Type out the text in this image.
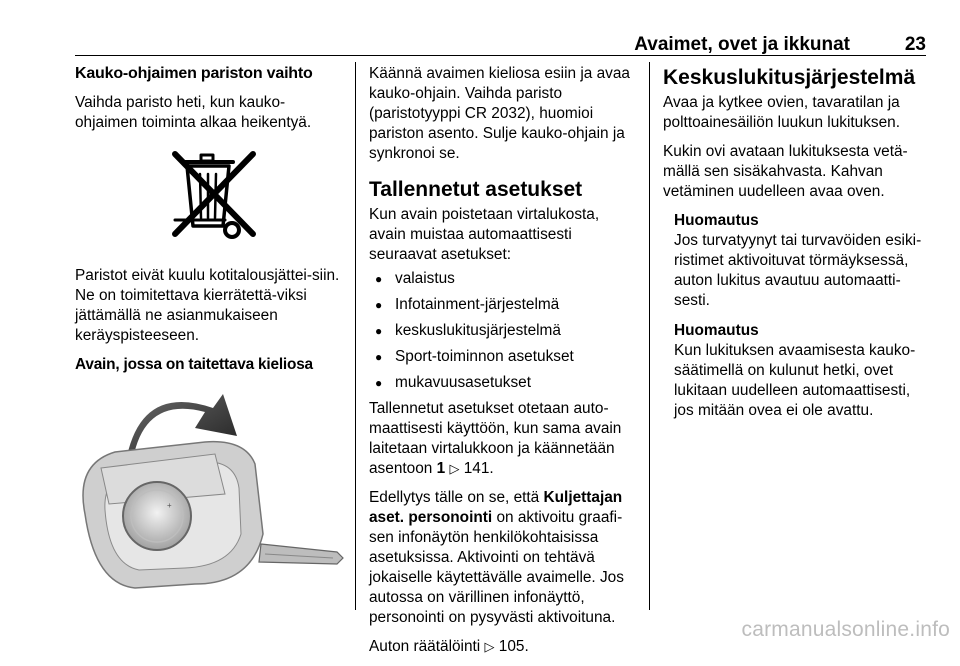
Avaimet, ovet ja ikkunat	23

Kauko-ohjaimen pariston vaihto

Vaihda paristo heti, kun kauko-ohjaimen toiminta alkaa heikentyä.

Paristot eivät kuulu kotitalousjättei-siin. Ne on toimitettava kierrätettä-viksi jättämällä ne asianmukaiseen keräyspisteeseen.

Avain, jossa on taitettava kieliosa

+

Käännä avaimen kieliosa esiin ja avaa kauko-ohjain. Vaihda paristo (paristotyyppi CR 2032), huomioi pariston asento. Sulje kauko-ohjain ja synkronoi se.

Tallennetut asetukset

Kun avain poistetaan virtalukosta, avain muistaa automaattisesti seuraavat asetukset:

● valaistus
● Infotainment-järjestelmä
● keskuslukitusjärjestelmä
● Sport-toiminnon asetukset
● mukavuusasetukset

Tallennetut asetukset otetaan auto-maattisesti käyttöön, kun sama avain laitetaan virtalukkoon ja käännetään asentoon 1 ▷ 141.

Edellytys tälle on se, että Kuljettajan aset. personointi on aktivoitu graafi-sen infonäytön henkilökohtaisissa asetuksissa. Aktivointi on tehtävä jokaiselle käytettävälle avaimelle. Jos autossa on värillinen infonäyttö, personointi on pysyvästi aktivoituna.

Auton räätälöinti ▷ 105.

Keskuslukitusjärjestelmä

Avaa ja kytkee ovien, tavaratilan ja polttoainesäiliön luukun lukituksen.

Kukin ovi avataan lukituksesta vetä-mällä sen sisäkahvasta. Kahvan vetäminen uudelleen avaa oven.

Huomautus
Jos turvatyynyt tai turvavöiden esiki-ristimet aktivoituvat törmäyksessä, auton lukitus avautuu automaatti-sesti.
Huomautus
Kun lukituksen avaamisesta kauko-säätimellä on kulunut hetki, ovet lukitaan uudelleen automaattisesti, jos mitään ovea ei ole avattu.
carmanualsonline.info
